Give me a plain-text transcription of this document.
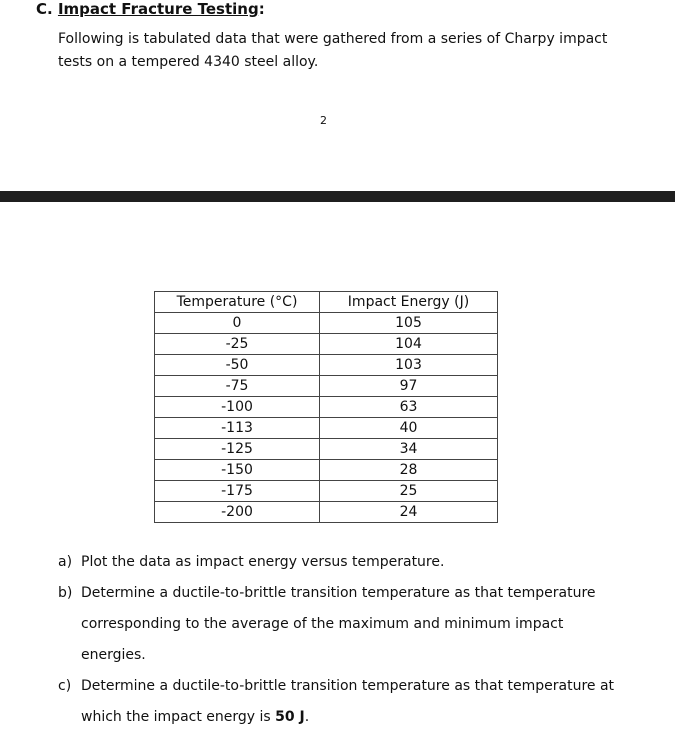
C. Impact Fracture Testing:
Following is tabulated data that were gathered from a series of Charpy impact tests on a tempered 4340 steel alloy.
2
Temperature (°C)	Impact Energy (J)
0	105
-25	104
-50	103
-75	97
-100	63
-113	40
-125	34
-150	28
-175	25
-200	24
a) Plot the data as impact energy versus temperature.
b) Determine a ductile-to-brittle transition temperature as that temperature corresponding to the average of the maximum and minimum impact energies.
c) Determine a ductile-to-brittle transition temperature as that temperature at which the impact energy is 50 J.
